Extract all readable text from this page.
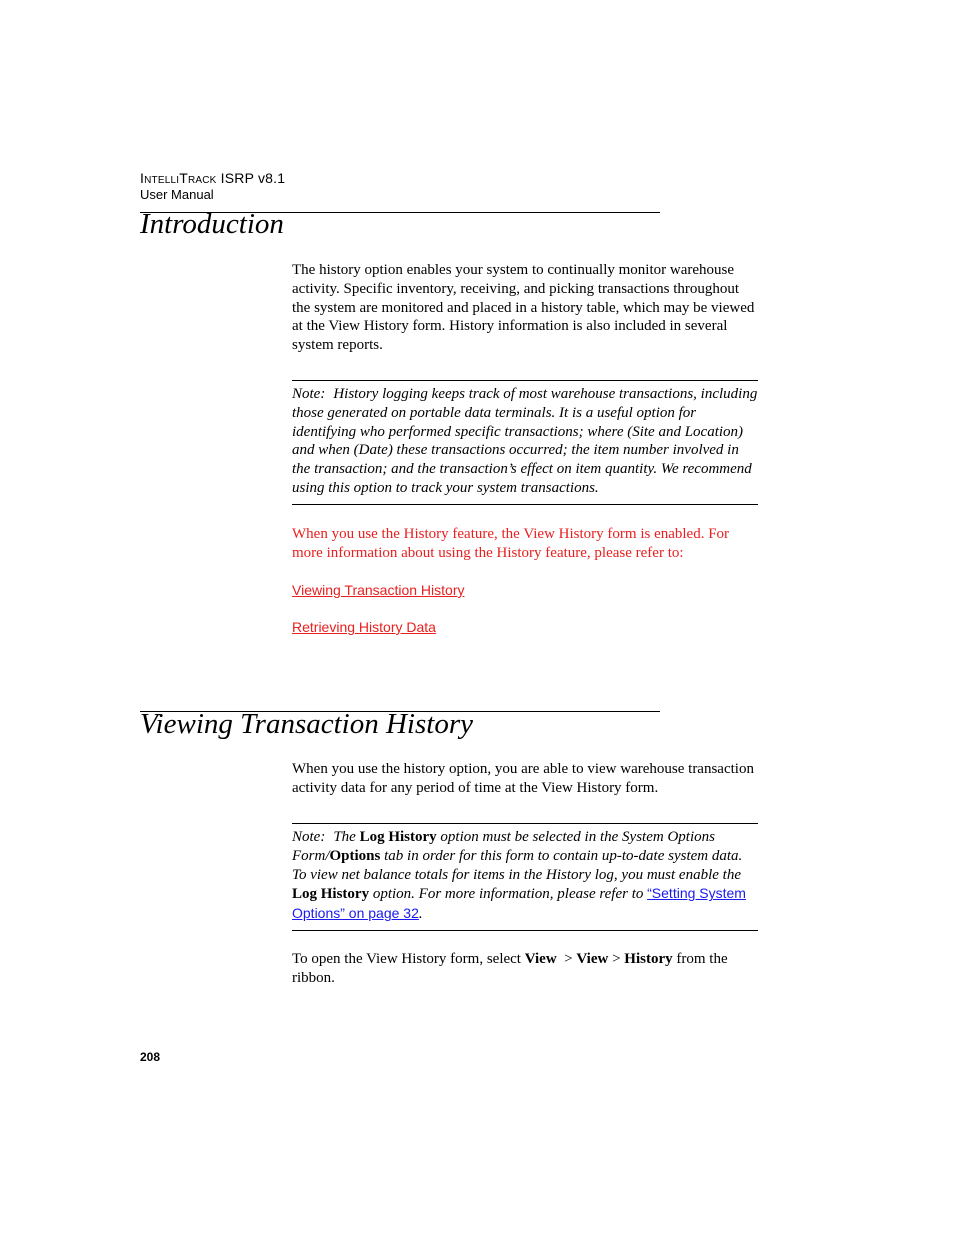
IntelliTrack ISRP v8.1
User Manual
Introduction

The history option enables your system to continually monitor warehouse activity. Specific inventory, receiving, and picking transactions throughout the system are monitored and placed in a history table, which may be viewed at the View History form. History information is also included in several system reports.

Note: History logging keeps track of most warehouse transactions, including those generated on portable data terminals. It is a useful option for identifying who performed specific transactions; where (Site and Location) and when (Date) these transactions occurred; the item number involved in the transaction; and the transaction’s effect on item quantity. We recommend using this option to track your system transactions.

When you use the History feature, the View History form is enabled. For more information about using the History feature, please refer to:

Viewing Transaction History
Retrieving History Data
Viewing Transaction History

When you use the history option, you are able to view warehouse transaction activity data for any period of time at the View History form.

Note: The Log History option must be selected in the System Options Form/Options tab in order for this form to contain up-to-date system data. To view net balance totals for items in the History log, you must enable the Log History option. For more information, please refer to “Setting System Options” on page 32.

To open the View History form, select View  > View > History from the ribbon.

208
